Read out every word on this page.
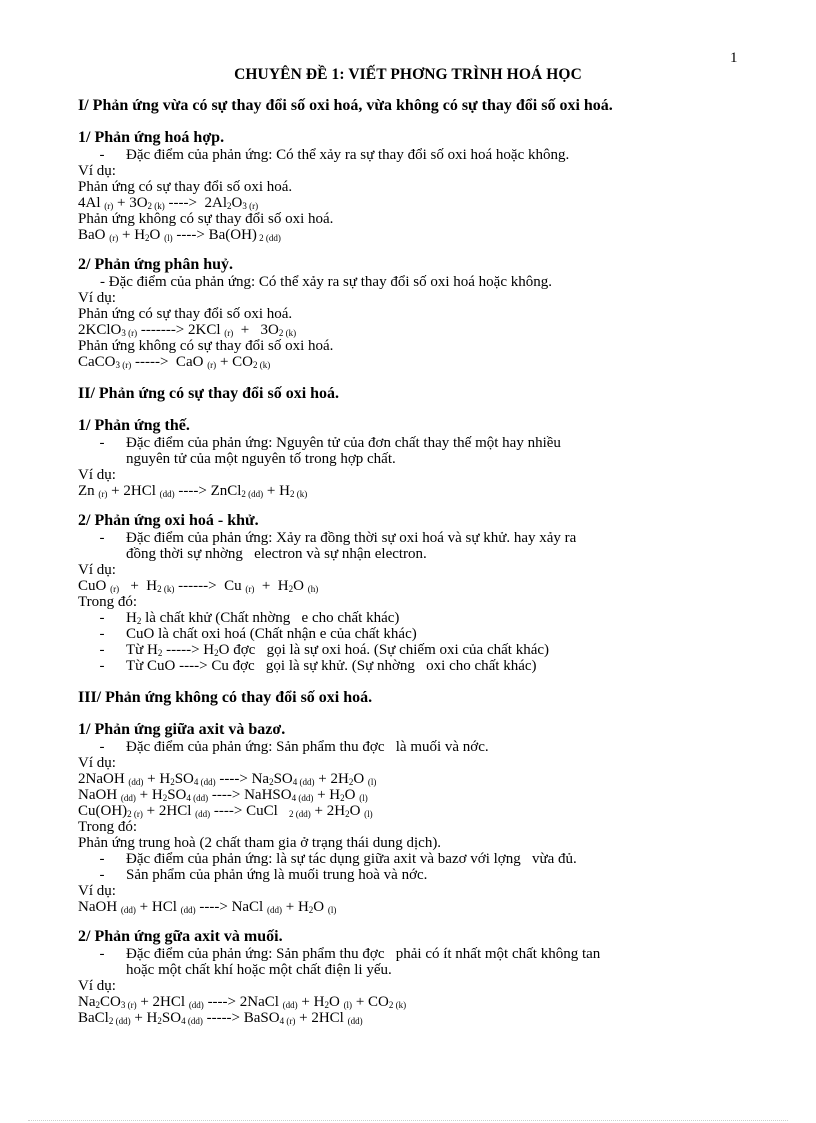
1
CHUYÊN ĐỀ 1: VIẾT PHƠNG TRÌNH HOÁ HỌC
I/ Phản ứng vừa có sự thay đổi số oxi hoá, vừa không có sự thay đổi số oxi hoá.
1/ Phản ứng hoá hợp.
-	Đặc điểm của phản ứng: Có thể xảy ra sự thay đổi số oxi hoá hoặc không.
Ví dụ:
Phản ứng có sự thay đổi số oxi hoá.
4Al $_{(r)} + 3O_{2 (k)}$ ---->  $2Al_2O_{3 (r)}$
Phản ứng không có sự thay đổi số oxi hoá.
BaO $_{(r)} + H_2O$ $_{(l)}$ ----> Ba(OH) $_{2 (dd)}$
2/ Phản ứng phân huỷ.
- Đặc điểm của phản ứng: Có thể xảy ra sự thay đổi số oxi hoá hoặc không.
Ví dụ:
Phản ứng có sự thay đổi số oxi hoá.
2KClO$_{3 (r)}$ -------> 2KCl $_{(r)} + 3O_{2 (k)}$
Phản ứng không có sự thay đổi số oxi hoá.
CaCO$_{3 (r)}$ ----->  CaO $_{(r)} + CO_{2 (k)}$
II/ Phản ứng có sự thay đổi số oxi hoá.
1/ Phản ứng thế.
-	Đặc điểm của phản ứng: Nguyên tử của đơn chất thay thế một hay nhiều
nguyên tử của một nguyên tố trong hợp chất.
Ví dụ:
Zn $_{(r)}$ + 2HCl $_{(dd)}$ ----> ZnCl$_{2 (dd)}$ + $H_{2 (k)}$
2/ Phản ứng oxi hoá - khử.
-	Đặc điểm của phản ứng: Xảy ra đồng thời sự oxi hoá và sự khử. hay xảy ra
đồng thời sự nhờng   electron và sự nhận electron.
Ví dụ:
CuO $_{(r)} + H_{2 (k)}$ ------>  Cu $_{(r)} + H_2O$ $_{(h)}$
Trong đó:
-	$H_2$ là chất khử (Chất nhờng   e cho chất khác)
-	CuO là chất oxi hoá (Chất nhận e của chất khác)
-	Từ $H_2$ -----> $H_2O$ đợc   gọi là sự oxi hoá. (Sự chiếm oxi của chất khác)
-	Từ CuO ----> Cu đợc   gọi là sự khử. (Sự nhờng   oxi cho chất khác)
III/ Phản ứng không có thay đổi số oxi hoá.
1/ Phản ứng giữa axit và bazơ.
-	Đặc điểm của phản ứng: Sản phẩm thu đợc   là muối và nớc.
Ví dụ:
2NaOH $_{(dd)} + H_2SO_{4 (dd)}$ ----> $Na_2SO_{4 (dd)} + 2H_2O$ $_{(l)}$
NaOH $_{(dd)} + H_2SO_{4 (dd)}$ ----> NaHSO$_{4 (dd)}$ + $H_2O$ $_{(l)}$
$Cu(OH)_{2 (r)} + 2HCl$ $_{(dd)}$ ----> CuCl   $_{2 (dd)} + 2H_2O$ $_{(l)}$
Trong đó:
Phản ứng trung hoà (2 chất tham gia ở trạng thái dung dịch).
-	Đặc điểm của phản ứng: là sự tác dụng giữa axit và bazơ với lợng   vừa đủ.
-	Sản phẩm của phản ứng là muối trung hoà và nớc.
Ví dụ:
NaOH $_{(dd)}$ + HCl $_{(dd)}$ ----> NaCl $_{(dd)} + H_2O$ $_{(l)}$
2/ Phản ứng gữa axit và muối.
-	Đặc điểm của phản ứng: Sản phẩm thu đợc   phải có ít nhất một chất không tan
hoặc một chất khí hoặc một chất điện li yếu.
Ví dụ:
$Na_2CO_{3 (r)} + 2HCl$ $_{(dd)}$ ----> 2NaCl $_{(dd)} + H_2O$ $_{(l)} + CO_{2 (k)}$
BaCl$_{2 (dd)}$ + $H_2SO_{4 (dd)}$ -----> BaSO$_{4 (r)}$ + 2HCl $_{(dd)}$
